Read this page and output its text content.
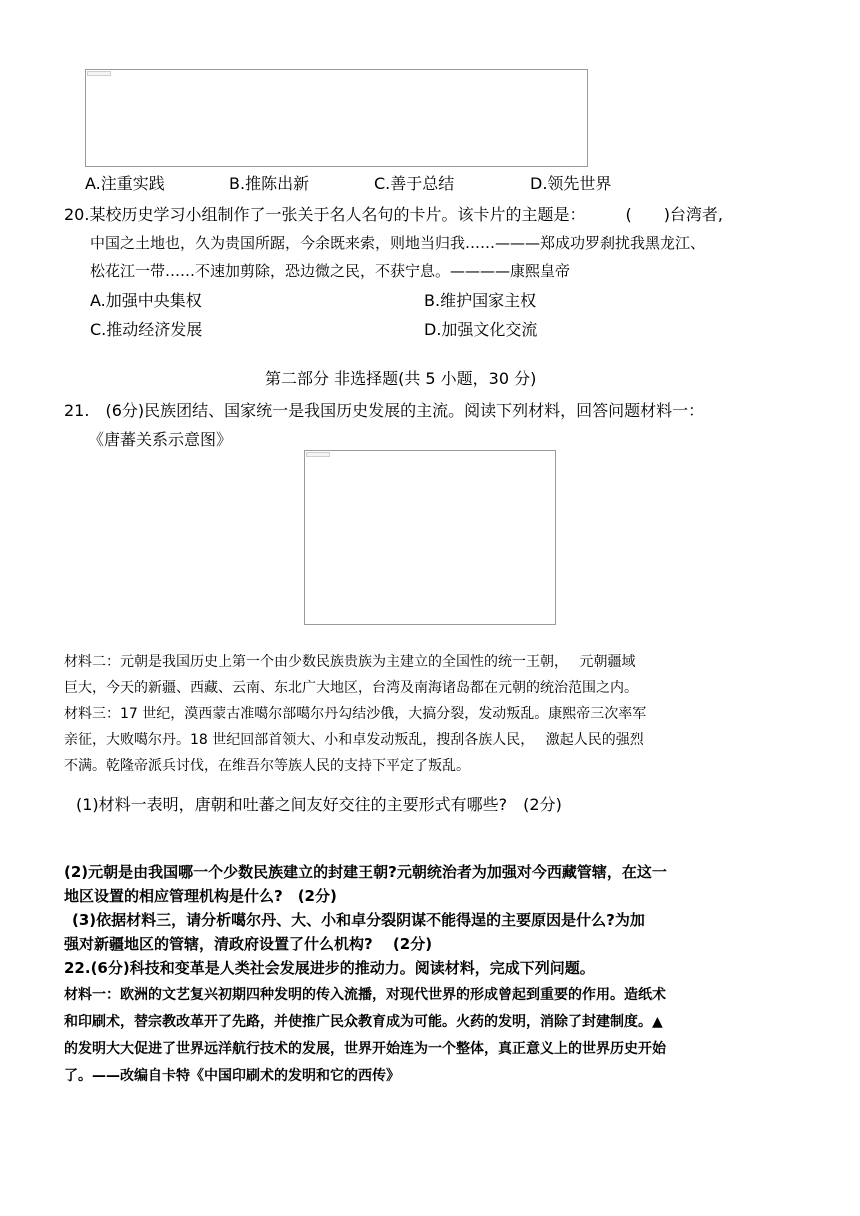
A.注重实践	B.推陈出新	C.善于总结	D.领先世界
20.某校历史学习小组制作了一张关于名人名句的卡片。该卡片的主题是：　　　(　　)台湾者,
中国之土地也，久为贵国所踞，今余既来索，则地当归我……———郑成功罗刹扰我黑龙江、
松花江一带……不速加剪除，恐边微之民，不获宁息。————康熙皇帝
A.加强中央集权	B.维护国家主权
C.推动经济发展	D.加强文化交流
第二部分 非选择题(共 5 小题，30 分)
21.　(6分)民族团结、国家统一是我国历史发展的主流。阅读下列材料，回答问题材料一：
《唐蕃关系示意图》
材料二：元朝是我国历史上第一个由少数民族贵族为主建立的全国性的统一王朝，　 元朝疆域
巨大，今天的新疆、西藏、云南、东北广大地区，台湾及南海诸岛都在元朝的统治范围之内。
材料三：17 世纪，漠西蒙古准噶尔部噶尔丹勾结沙俄，大搞分裂，发动叛乱。康熙帝三次率军
亲征，大败噶尔丹。18 世纪回部首领大、小和卓发动叛乱，搜刮各族人民，　 激起人民的强烈
不满。乾隆帝派兵讨伐，在维吾尔等族人民的支持下平定了叛乱。
(1)材料一表明，唐朝和吐蕃之间友好交往的主要形式有哪些?　(2分)
(2)元朝是由我国哪一个少数民族建立的封建王朝?元朝统治者为加强对今西藏管辖，在这一
地区设置的相应管理机构是什么?　(2分)
(3)依据材料三，请分析噶尔丹、大、小和卓分裂阴谋不能得逞的主要原因是什么?为加
强对新疆地区的管辖，清政府设置了什么机构?　 (2分)
22.(6分)科技和变革是人类社会发展进步的推动力。阅读材料，完成下列问题。
材料一：欧洲的文艺复兴初期四种发明的传入流播，对现代世界的形成曾起到重要的作用。造纸术
和印刷术，替宗教改革开了先路，并使推广民众教育成为可能。火药的发明，消除了封建制度。▲
的发明大大促进了世界远洋航行技术的发展，世界开始连为一个整体，真正意义上的世界历史开始
了。——改编自卡特《中国印刷术的发明和它的西传》
